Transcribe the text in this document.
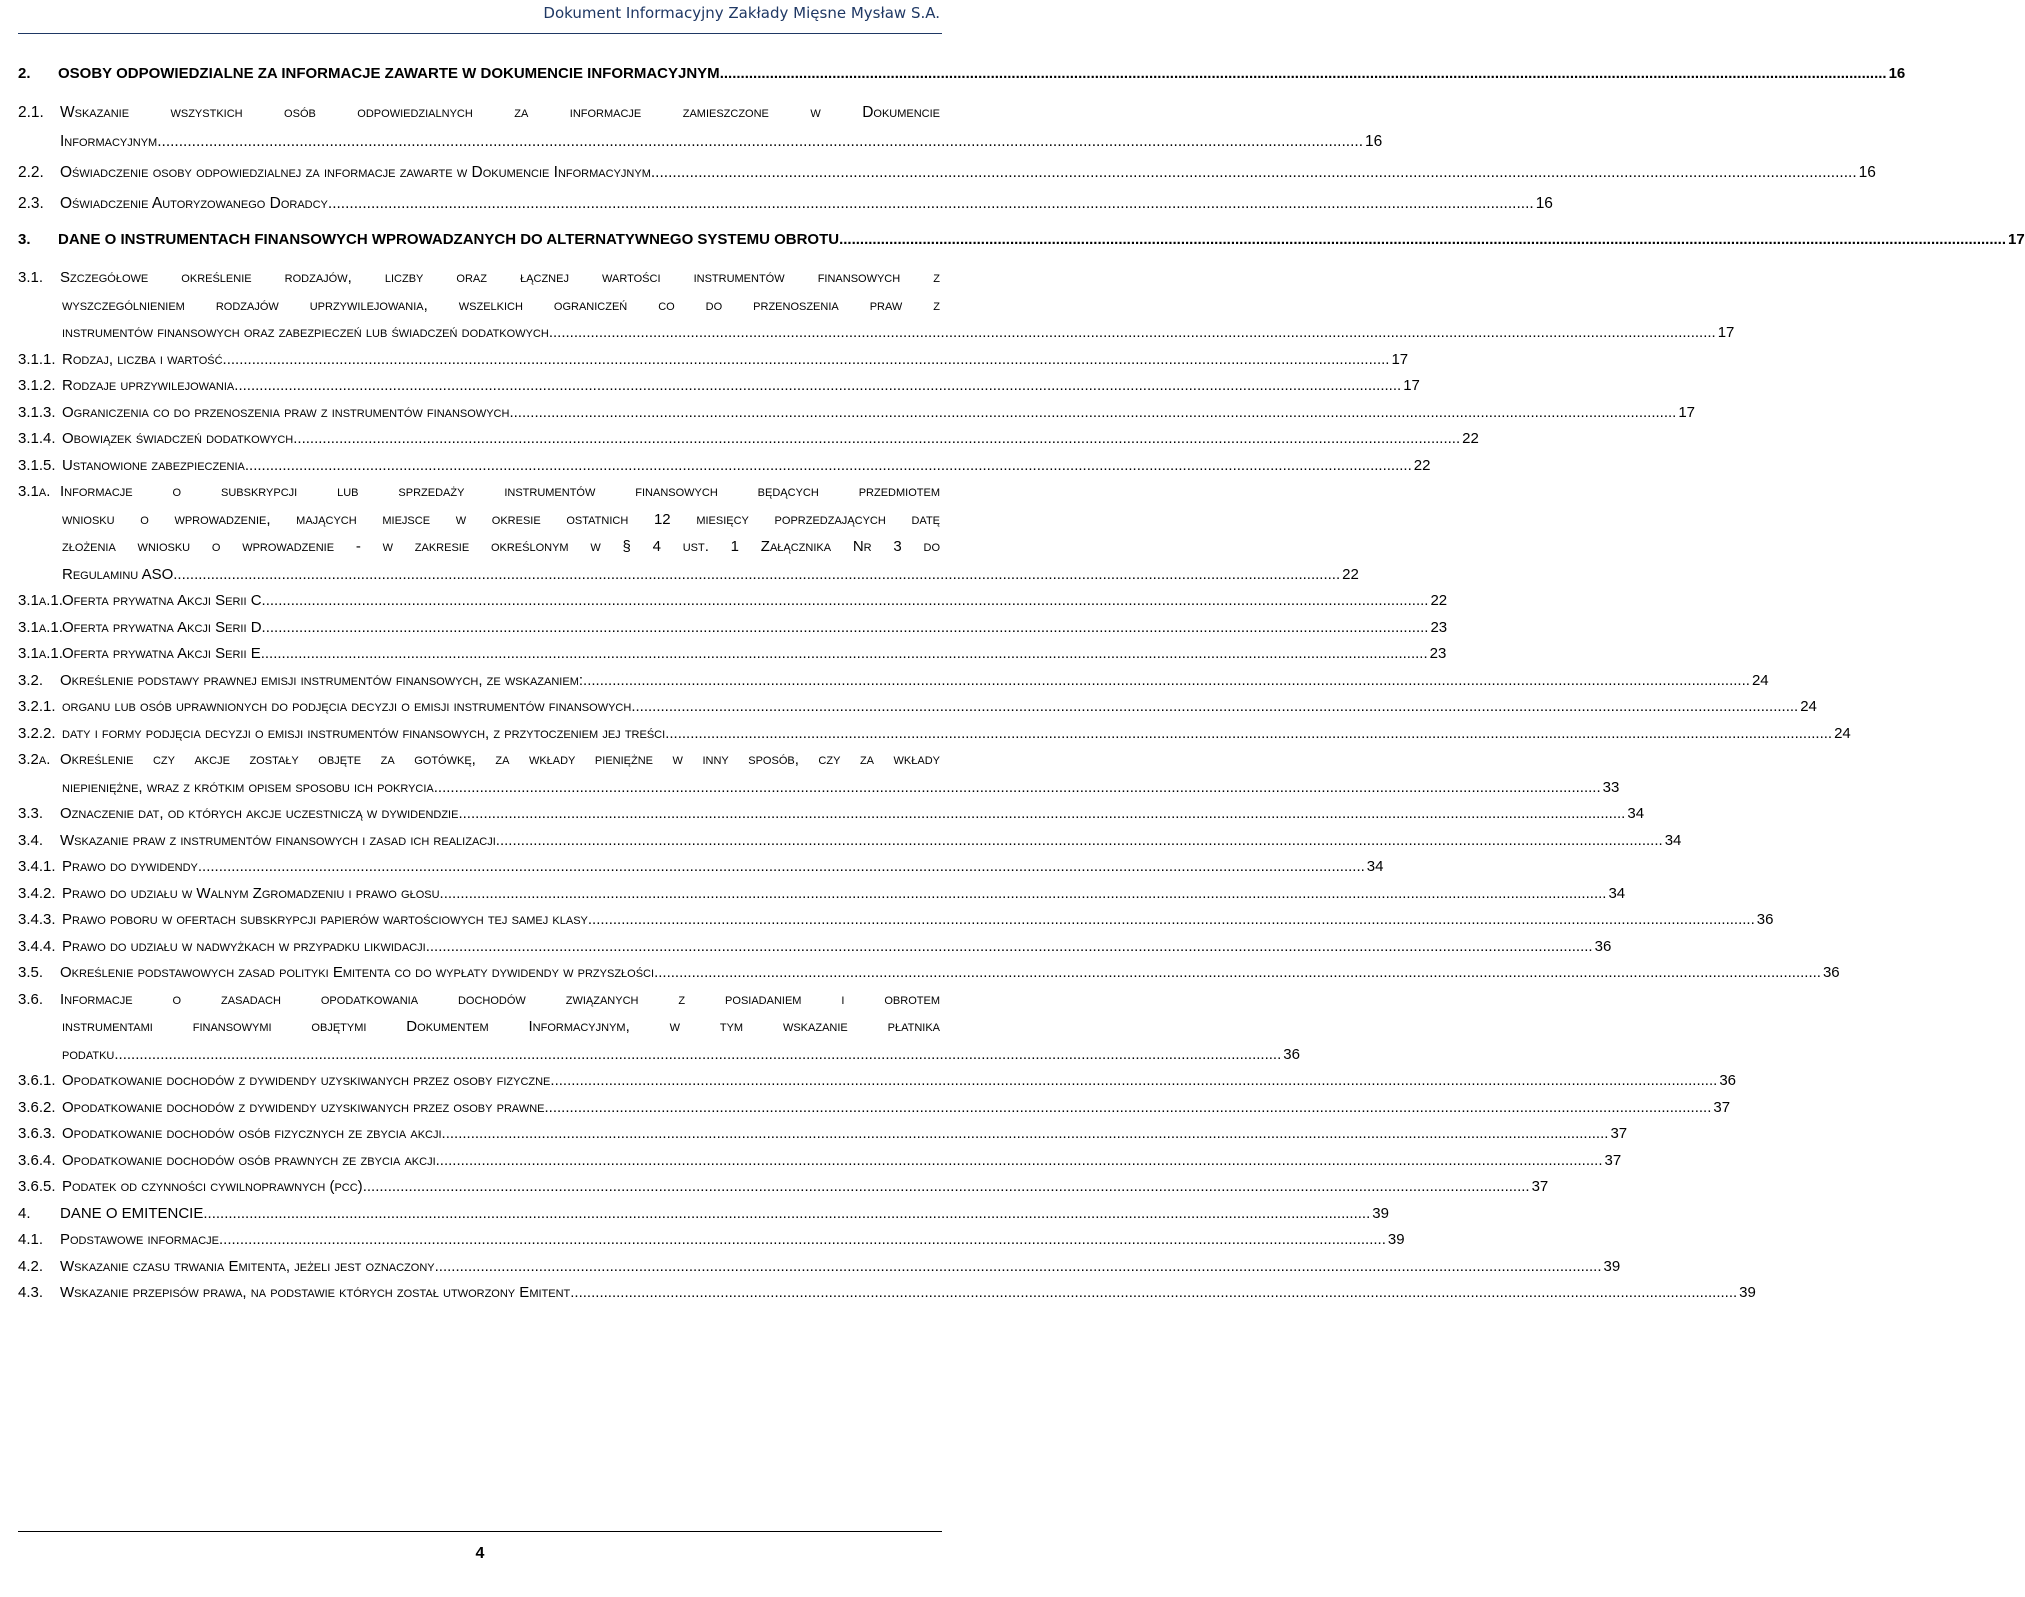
Dokument Informacyjny Zakłady Mięsne Mysław S.A.
2.	OSOBY ODPOWIEDZIALNE ZA INFORMACJE ZAWARTE W DOKUMENCIE INFORMACYJNYM .....	16
2.1.	Wskazanie wszystkich osób odpowiedzialnych za informacje zamieszczone w Dokumencie
Informacyjnym .....	16
2.2.	Oświadczenie osoby odpowiedzialnej za informacje zawarte w Dokumencie Informacyjnym .....	16
2.3.	Oświadczenie Autoryzowanego Doradcy .....	16
3.	DANE O INSTRUMENTACH FINANSOWYCH WPROWADZANYCH DO ALTERNATYWNEGO SYSTEMU OBROTU .....	17
3.1.	Szczegółowe określenie rodzajów, liczby oraz łącznej wartości instrumentów finansowych z
wyszczególnieniem rodzajów uprzywilejowania, wszelkich ograniczeń co do przenoszenia praw z
instrumentów finansowych oraz zabezpieczeń lub świadczeń dodatkowych .....	17
3.1.1. Rodzaj, liczba i wartość .....	17
3.1.2. Rodzaje uprzywilejowania .....	17
3.1.3. Ograniczenia co do przenoszenia praw z instrumentów finansowych .....	17
3.1.4. Obowiązek świadczeń dodatkowych .....	22
3.1.5. Ustanowione zabezpieczenia .....	22
3.1a. Informacje o subskrypcji lub sprzedaży instrumentów finansowych będących przedmiotem
wniosku o wprowadzenie, mających miejsce w okresie ostatnich 12 miesięcy poprzedzających datę
złożenia wniosku o wprowadzenie - w zakresie określonym w § 4 ust. 1 Załącznika Nr 3 do
Regulaminu ASO .....	22
3.1a.1. Oferta prywatna Akcji Serii C .....	22
3.1a.1. Oferta prywatna Akcji Serii D .....	23
3.1a.1. Oferta prywatna Akcji Serii E .....	23
3.2.	Określenie podstawy prawnej emisji instrumentów finansowych, ze wskazaniem: .....	24
3.2.1. organu lub osób uprawnionych do podjęcia decyzji o emisji instrumentów finansowych .....	24
3.2.2. daty i formy podjęcia decyzji o emisji instrumentów finansowych, z przytoczeniem jej treści .....	24
3.2a. Określenie czy akcje zostały objęte za gotówkę, za wkłady pieniężne w inny sposób, czy za wkłady
niepieniężne, wraz z krótkim opisem sposobu ich pokrycia .....	33
3.3.	Oznaczenie dat, od których akcje uczestniczą w dywidendzie .....	34
3.4.	Wskazanie praw z instrumentów finansowych i zasad ich realizacji .....	34
3.4.1. Prawo do dywidendy .....	34
3.4.2. Prawo do udziału w Walnym Zgromadzeniu i prawo głosu .....	34
3.4.3. Prawo poboru w ofertach subskrypcji papierów wartościowych tej samej klasy .....	36
3.4.4. Prawo do udziału w nadwyżkach w przypadku likwidacji .....	36
3.5.	Określenie podstawowych zasad polityki Emitenta co do wypłaty dywidendy w przyszłości .....	36
3.6.	Informacje o zasadach opodatkowania dochodów związanych z posiadaniem i obrotem
instrumentami finansowymi objętymi Dokumentem Informacyjnym, w tym wskazanie płatnika
podatku .....	36
3.6.1. Opodatkowanie dochodów z dywidendy uzyskiwanych przez osoby fizyczne .....	36
3.6.2. Opodatkowanie dochodów z dywidendy uzyskiwanych przez osoby prawne .....	37
3.6.3. Opodatkowanie dochodów osób fizycznych ze zbycia akcji .....	37
3.6.4. Opodatkowanie dochodów osób prawnych ze zbycia akcji .....	37
3.6.5. Podatek od czynności cywilnoprawnych (pcc) .....	37
4.	DANE O EMITENCIE .....	39
4.1.	Podstawowe informacje .....	39
4.2.	Wskazanie czasu trwania Emitenta, jeżeli jest oznaczony .....	39
4.3.	Wskazanie przepisów prawa, na podstawie których został utworzony Emitent .....	39
4
